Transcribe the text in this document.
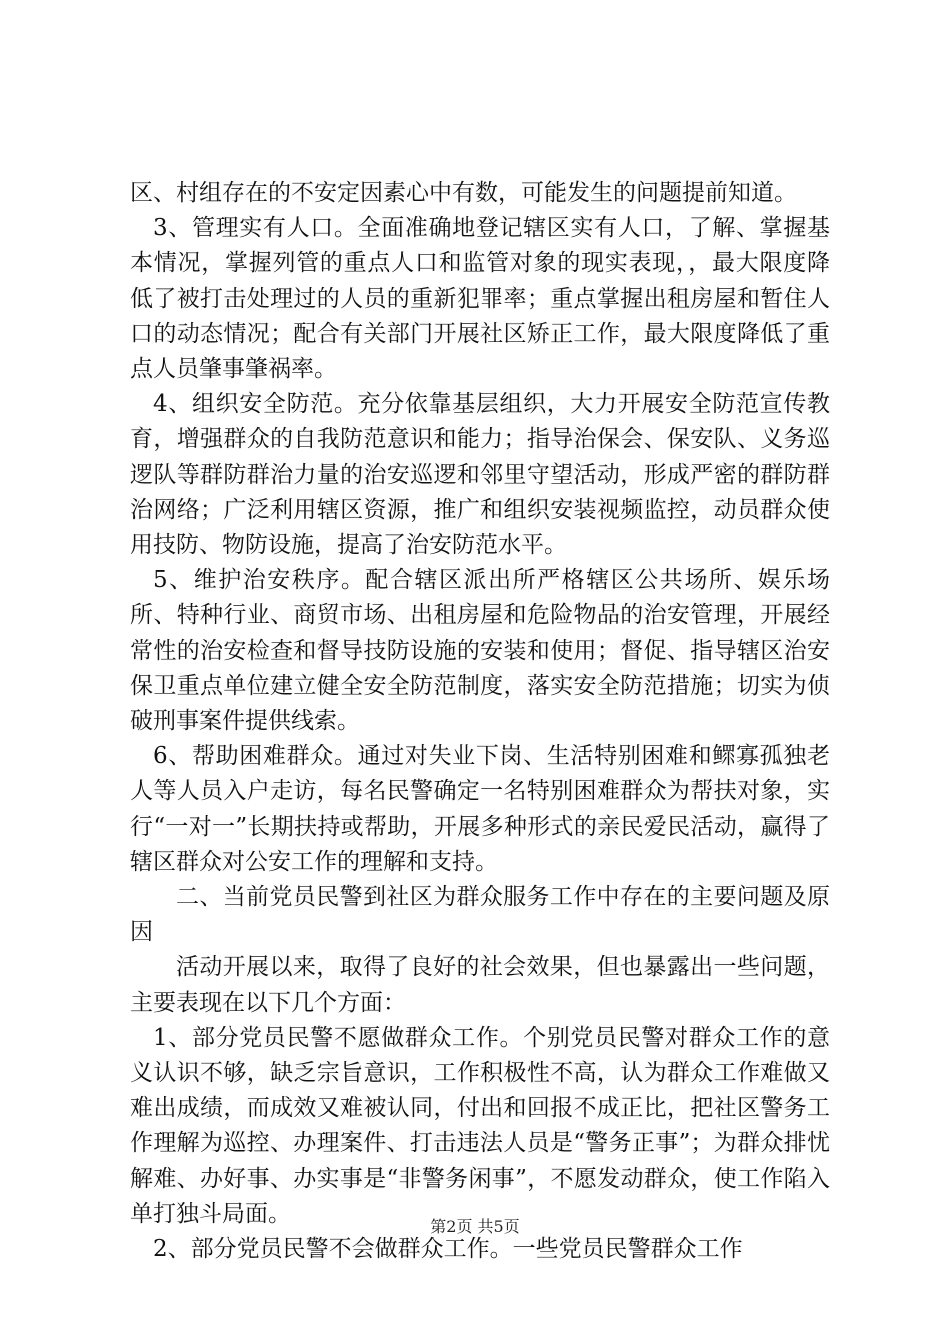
区、村组存在的不安定因素心中有数，可能发生的问题提前知道。

3、管理实有人口。全面准确地登记辖区实有人口，了解、掌握基本情况，掌握列管的重点人口和监管对象的现实表现，，最大限度降低了被打击处理过的人员的重新犯罪率；重点掌握出租房屋和暂住人口的动态情况；配合有关部门开展社区矫正工作，最大限度降低了重点人员肇事肇祸率。

4、组织安全防范。充分依靠基层组织，大力开展安全防范宣传教育，增强群众的自我防范意识和能力；指导治保会、保安队、义务巡逻队等群防群治力量的治安巡逻和邻里守望活动，形成严密的群防群治网络；广泛利用辖区资源，推广和组织安装视频监控，动员群众使用技防、物防设施，提高了治安防范水平。

5、维护治安秩序。配合辖区派出所严格辖区公共场所、娱乐场所、特种行业、商贸市场、出租房屋和危险物品的治安管理，开展经常性的治安检查和督导技防设施的安装和使用；督促、指导辖区治安保卫重点单位建立健全安全防范制度，落实安全防范措施；切实为侦破刑事案件提供线索。

6、帮助困难群众。通过对失业下岗、生活特别困难和鳏寡孤独老人等人员入户走访，每名民警确定一名特别困难群众为帮扶对象，实行“一对一”长期扶持或帮助，开展多种形式的亲民爱民活动，赢得了辖区群众对公安工作的理解和支持。

二、当前党员民警到社区为群众服务工作中存在的主要问题及原因

活动开展以来，取得了良好的社会效果，但也暴露出一些问题，主要表现在以下几个方面：

1、部分党员民警不愿做群众工作。个别党员民警对群众工作的意义认识不够，缺乏宗旨意识，工作积极性不高，认为群众工作难做又难出成绩，而成效又难被认同，付出和回报不成正比，把社区警务工作理解为巡控、办理案件、打击违法人员是“警务正事”；为群众排忧解难、办好事、办实事是“非警务闲事”，不愿发动群众，使工作陷入单打独斗局面。

2、部分党员民警不会做群众工作。一些党员民警群众工作

第2页 共5页
